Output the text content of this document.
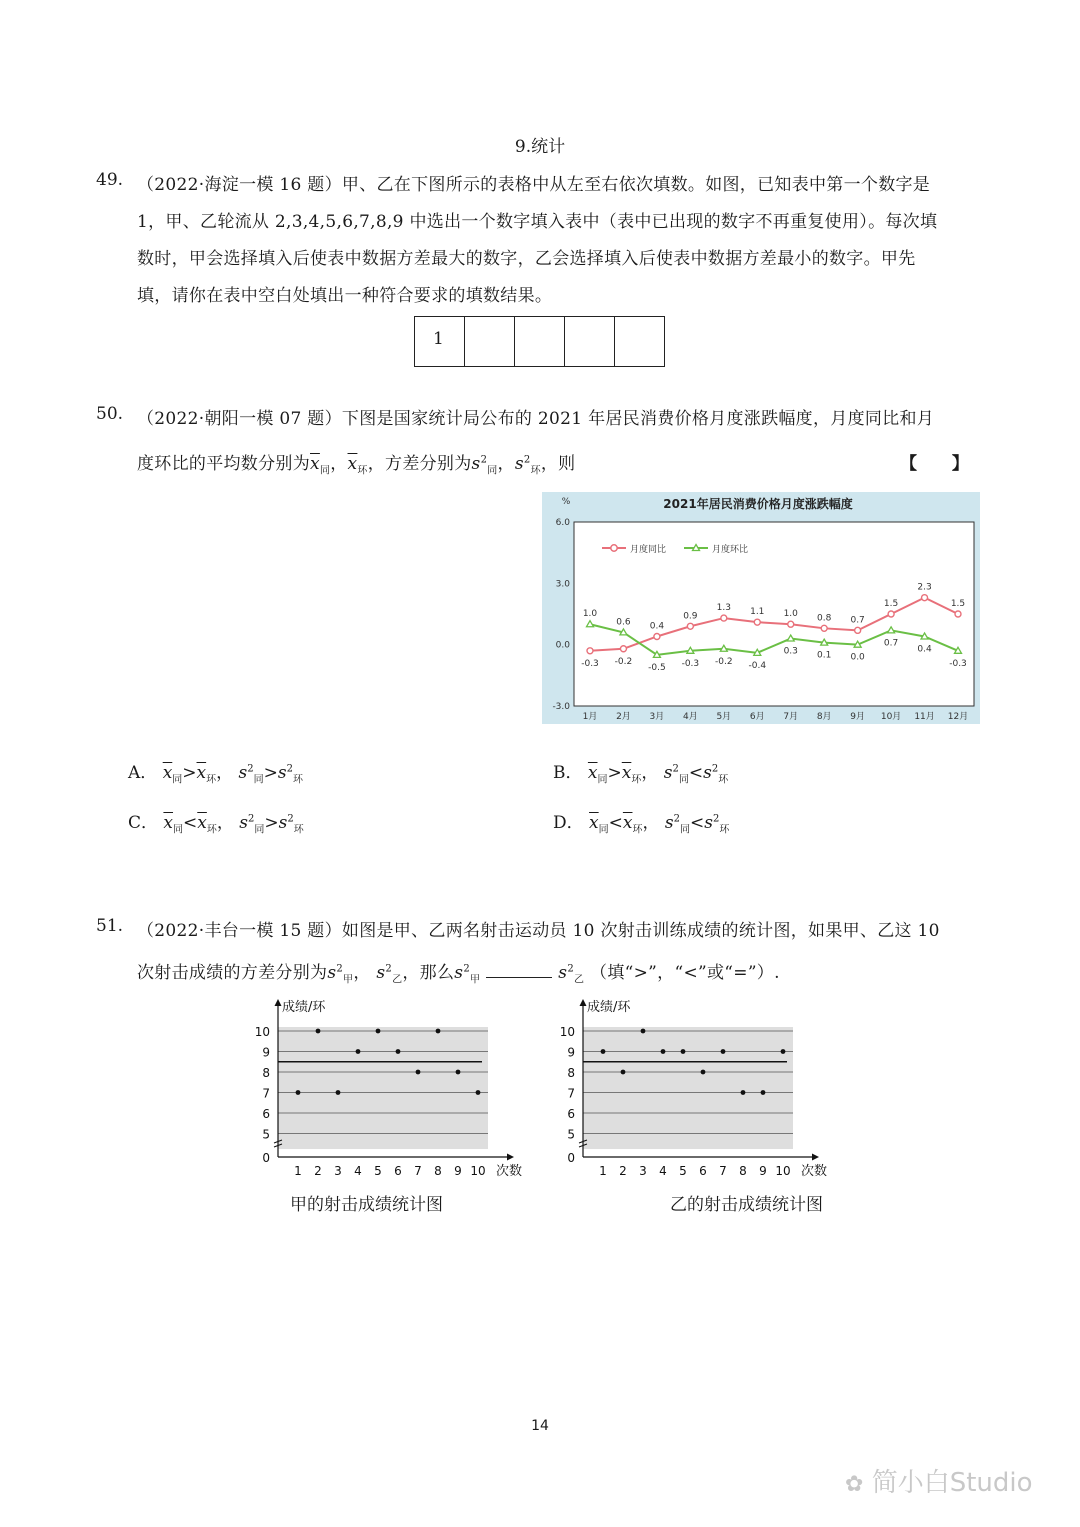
9.统计
49. （2022·海淀一模 16 题）甲、乙在下图所示的表格中从左至右依次填数。如图，已知表中第一个数字是
1，甲、乙轮流从 2,3,4,5,6,7,8,9 中选出一个数字填入表中（表中已出现的数字不再重复使用）。每次填
数时，甲会选择填入后使表中数据方差最大的数字，乙会选择填入后使表中数据方差最小的数字。甲先
填，请你在表中空白处填出一种符合要求的填数结果。
1				
50. （2022·朝阳一模 07 题）下图是国家统计局公布的 2021 年居民消费价格月度涨跌幅度，月度同比和月
度环比的平均数分别为$\overline{x}_同$，$\overline{x}_环$，方差分别为$s^2_同$，$s^2_环$，则	【　　】
2021年居民消费价格月度涨跌幅度
%
6.0
3.0
0.0
-3.0
1月 2月 3月 4月 5月 6月 7月 8月 9月 10月 11月 12月
-0.3
1.0
-0.2
0.6 0.4
-0.5
0.9
-0.3
1.3
-0.2
1.1
-0.4
1.0
0.3
0.8
0.1
0.7
0.0
1.5
0.7
2.3
0.4
1.5
-0.3
月度同比	月度环比
A． $\overline{x}_同>\overline{x}_环$， $s^2_同>s^2_环$	B． $\overline{x}_同>\overline{x}_环$， $s^2_同<s^2_环$
C． $\overline{x}_同<\overline{x}_环$， $s^2_同>s^2_环$	D． $\overline{x}_同<\overline{x}_环$， $s^2_同<s^2_环$
51. （2022·丰台一模 15 题）如图是甲、乙两名射击运动员 10 次射击训练成绩的统计图，如果甲、乙这 10
次射击成绩的方差分别为$s^2_甲$， $s^2_乙$，那么$s^2_甲$	$s^2_乙$ （填“>”，“<”或“=”）.
成绩/环
次数
0
5
6
7
8
9
10
1 2 3 4 5 6 7 8 9 10
成绩/环
次数
0
5
6
7
8
9
10
1 2 3 4 5 6 7 8 9 10
甲的射击成绩统计图	乙的射击成绩统计图
14
✿ 简小白Studio
